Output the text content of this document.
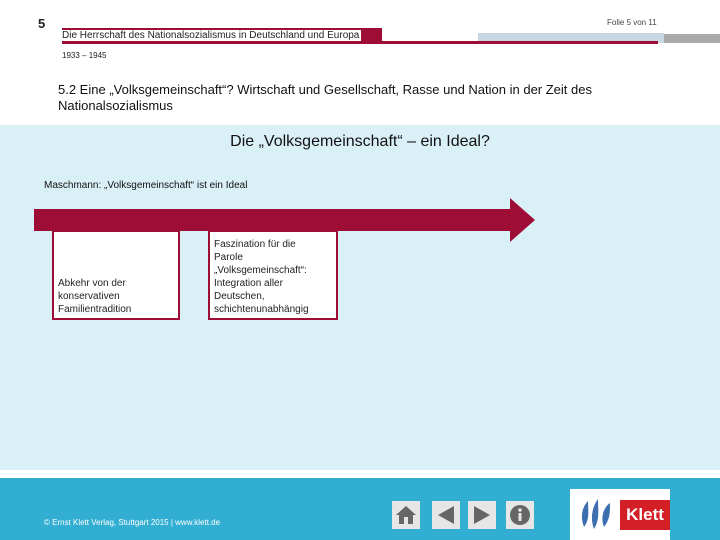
5	Folie 5 von 11
Die Herrschaft des Nationalsozialismus in Deutschland und Europa
1933 – 1945
5.2 Eine „Volksgemeinschaft“? Wirtschaft und Gesellschaft, Rasse und Nation in der Zeit des Nationalsozialismus
Die „Volksgemeinschaft“ – ein Ideal?
Maschmann: „Volksgemeinschaft“ ist ein Ideal
Abkehr von der
konservativen
Familientradition
Faszination für die
Parole
„Volksgemeinschaft“:
Integration aller
Deutschen,
schichtenunabhängig
© Ernst Klett Verlag, Stuttgart 2015 | www.klett.de	Klett
